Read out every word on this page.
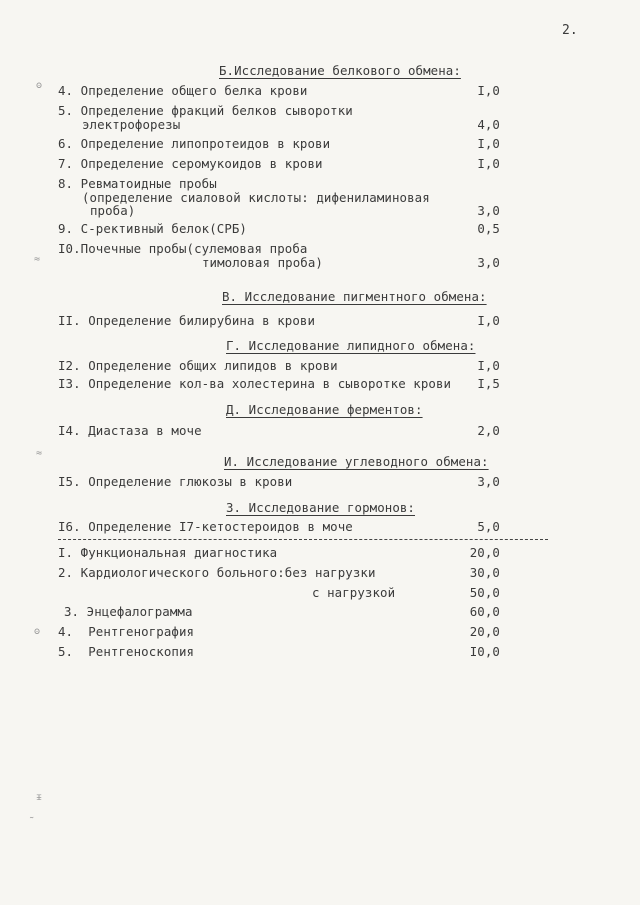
2.
Б.Исследование белкового обмена:
ʘ 4. Определение общего белка крови	I,0
5. Определение фракций белков сыворотки
электрофорезы	4,0
6. Определение липопротеидов в крови	I,0
7. Определение серомукоидов в крови	I,0
8. Ревматоидные пробы
(определение сиаловой кислоты: дифениламиновая
проба)	3,0
9. С-рективный белок(СРБ)	0,5
≈
I0.Почечные пробы(сулемовая проба
тимоловая проба)	3,0
В. Исследование пигментного обмена:
II. Определение билирубина в крови	I,0
Г. Исследование липидного обмена:
I2. Определение общих липидов в крови	I,0
I3. Определение кол-ва холестерина в сыворотке крови	I,5
Д. Исследование ферментов:
I4. Диастаза в моче	2,0
≈
И. Исследование углеводного обмена:
I5. Определение глюкозы в крови	3,0
З. Исследование гормонов:
I6. Определение I7-кетостероидов в моче	5,0
I. Функциональная диагностика	20,0
2. Кардиологического больного:без нагрузки	30,0
с нагрузкой	50,0
3. Энцефалограмма	60,0
ʘ 4.  Рентгенография	20,0
5.  Рентгеноскопия	I0,0
ᵻ
˷
